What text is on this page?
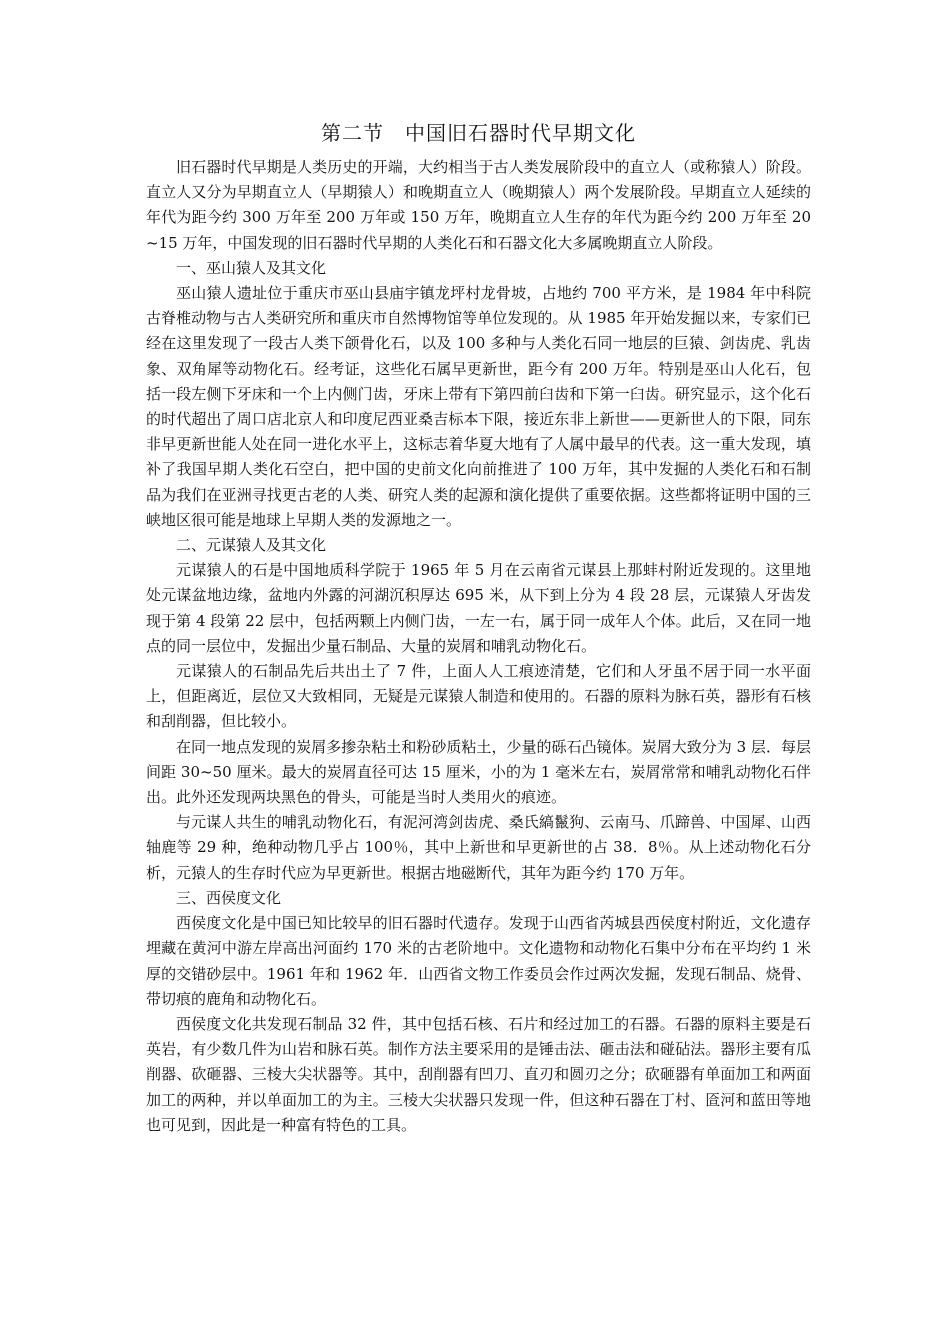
第二节　中国旧石器时代早期文化

旧石器时代早期是人类历史的开端，大约相当于古人类发展阶段中的直立人（或称猿人）阶段。直立人又分为早期直立人（早期猿人）和晚期直立人（晚期猿人）两个发展阶段。早期直立人延续的年代为距今约 300 万年至 200 万年或 150 万年，晚期直立人生存的年代为距今约 200 万年至 20~15 万年，中国发现的旧石器时代早期的人类化石和石器文化大多属晚期直立人阶段。

一、巫山猿人及其文化

巫山猿人遗址位于重庆市巫山县庙宇镇龙坪村龙骨坡，占地约 700 平方米，是 1984 年中科院古脊椎动物与古人类研究所和重庆市自然博物馆等单位发现的。从 1985 年开始发掘以来，专家们已经在这里发现了一段古人类下颌骨化石，以及 100 多种与人类化石同一地层的巨猿、剑齿虎、乳齿象、双角犀等动物化石。经考证，这些化石属早更新世，距今有 200 万年。特别是巫山人化石，包括一段左侧下牙床和一个上内侧门齿，牙床上带有下第四前臼齿和下第一臼齿。研究显示，这个化石的时代超出了周口店北京人和印度尼西亚桑吉标本下限，接近东非上新世——更新世人的下限，同东非早更新世能人处在同一进化水平上，这标志着华夏大地有了人属中最早的代表。这一重大发现，填补了我国早期人类化石空白，把中国的史前文化向前推进了 100 万年，其中发掘的人类化石和石制品为我们在亚洲寻找更古老的人类、研究人类的起源和演化提供了重要依据。这些都将证明中国的三峡地区很可能是地球上早期人类的发源地之一。

二、元谋猿人及其文化

元谋猿人的石是中国地质科学院于 1965 年 5 月在云南省元谋县上那蚌村附近发现的。这里地处元谋盆地边缘，盆地内外露的河湖沉积厚达 695 米，从下到上分为 4 段 28 层，元谋猿人牙齿发现于第 4 段第 22 层中，包括两颗上内侧门齿，一左一右，属于同一成年人个体。此后，又在同一地点的同一层位中，发掘出少量石制品、大量的炭屑和哺乳动物化石。

元谋猿人的石制品先后共出土了 7 件，上面人人工痕迹清楚，它们和人牙虽不居于同一水平面上，但距离近，层位又大致相同，无疑是元谋猿人制造和使用的。石器的原料为脉石英，器形有石核和刮削器，但比较小。

在同一地点发现的炭屑多掺杂粘土和粉砂质粘土，少量的砾石凸镜体。炭屑大致分为 3 层．每层间距 30~50 厘米。最大的炭屑直径可达 15 厘米，小的为 1 毫米左右，炭屑常常和哺乳动物化石伴出。此外还发现两块黑色的骨头，可能是当时人类用火的痕迹。

与元谋人共生的哺乳动物化石，有泥河湾剑齿虎、桑氏縞鬣狗、云南马、爪蹄兽、中国犀、山西轴鹿等 29 种，绝种动物几乎占 100％，其中上新世和早更新世的占 38．8％。从上述动物化石分析，元猿人的生存时代应为早更新世。根据古地磁断代，其年为距今约 170 万年。

三、西侯度文化

西侯度文化是中国已知比较早的旧石器时代遗存。发现于山西省芮城县西侯度村附近，文化遗存埋藏在黄河中游左岸高出河面约 170 米的古老阶地中。文化遗物和动物化石集中分布在平均约 1 米厚的交错砂层中。1961 年和 1962 年．山西省文物工作委员会作过两次发掘，发现石制品、烧骨、带切痕的鹿角和动物化石。

西侯度文化共发现石制品 32 件，其中包括石核、石片和经过加工的石器。石器的原料主要是石英岩，有少数几件为山岩和脉石英。制作方法主要采用的是锤击法、砸击法和碰砧法。器形主要有瓜削器、砍砸器、三棱大尖状器等。其中，刮削器有凹刀、直刃和圆刃之分；砍砸器有单面加工和两面加工的两种，并以单面加工的为主。三棱大尖状器只发现一件，但这种石器在丁村、匼河和蓝田等地也可见到，因此是一种富有特色的工具。
